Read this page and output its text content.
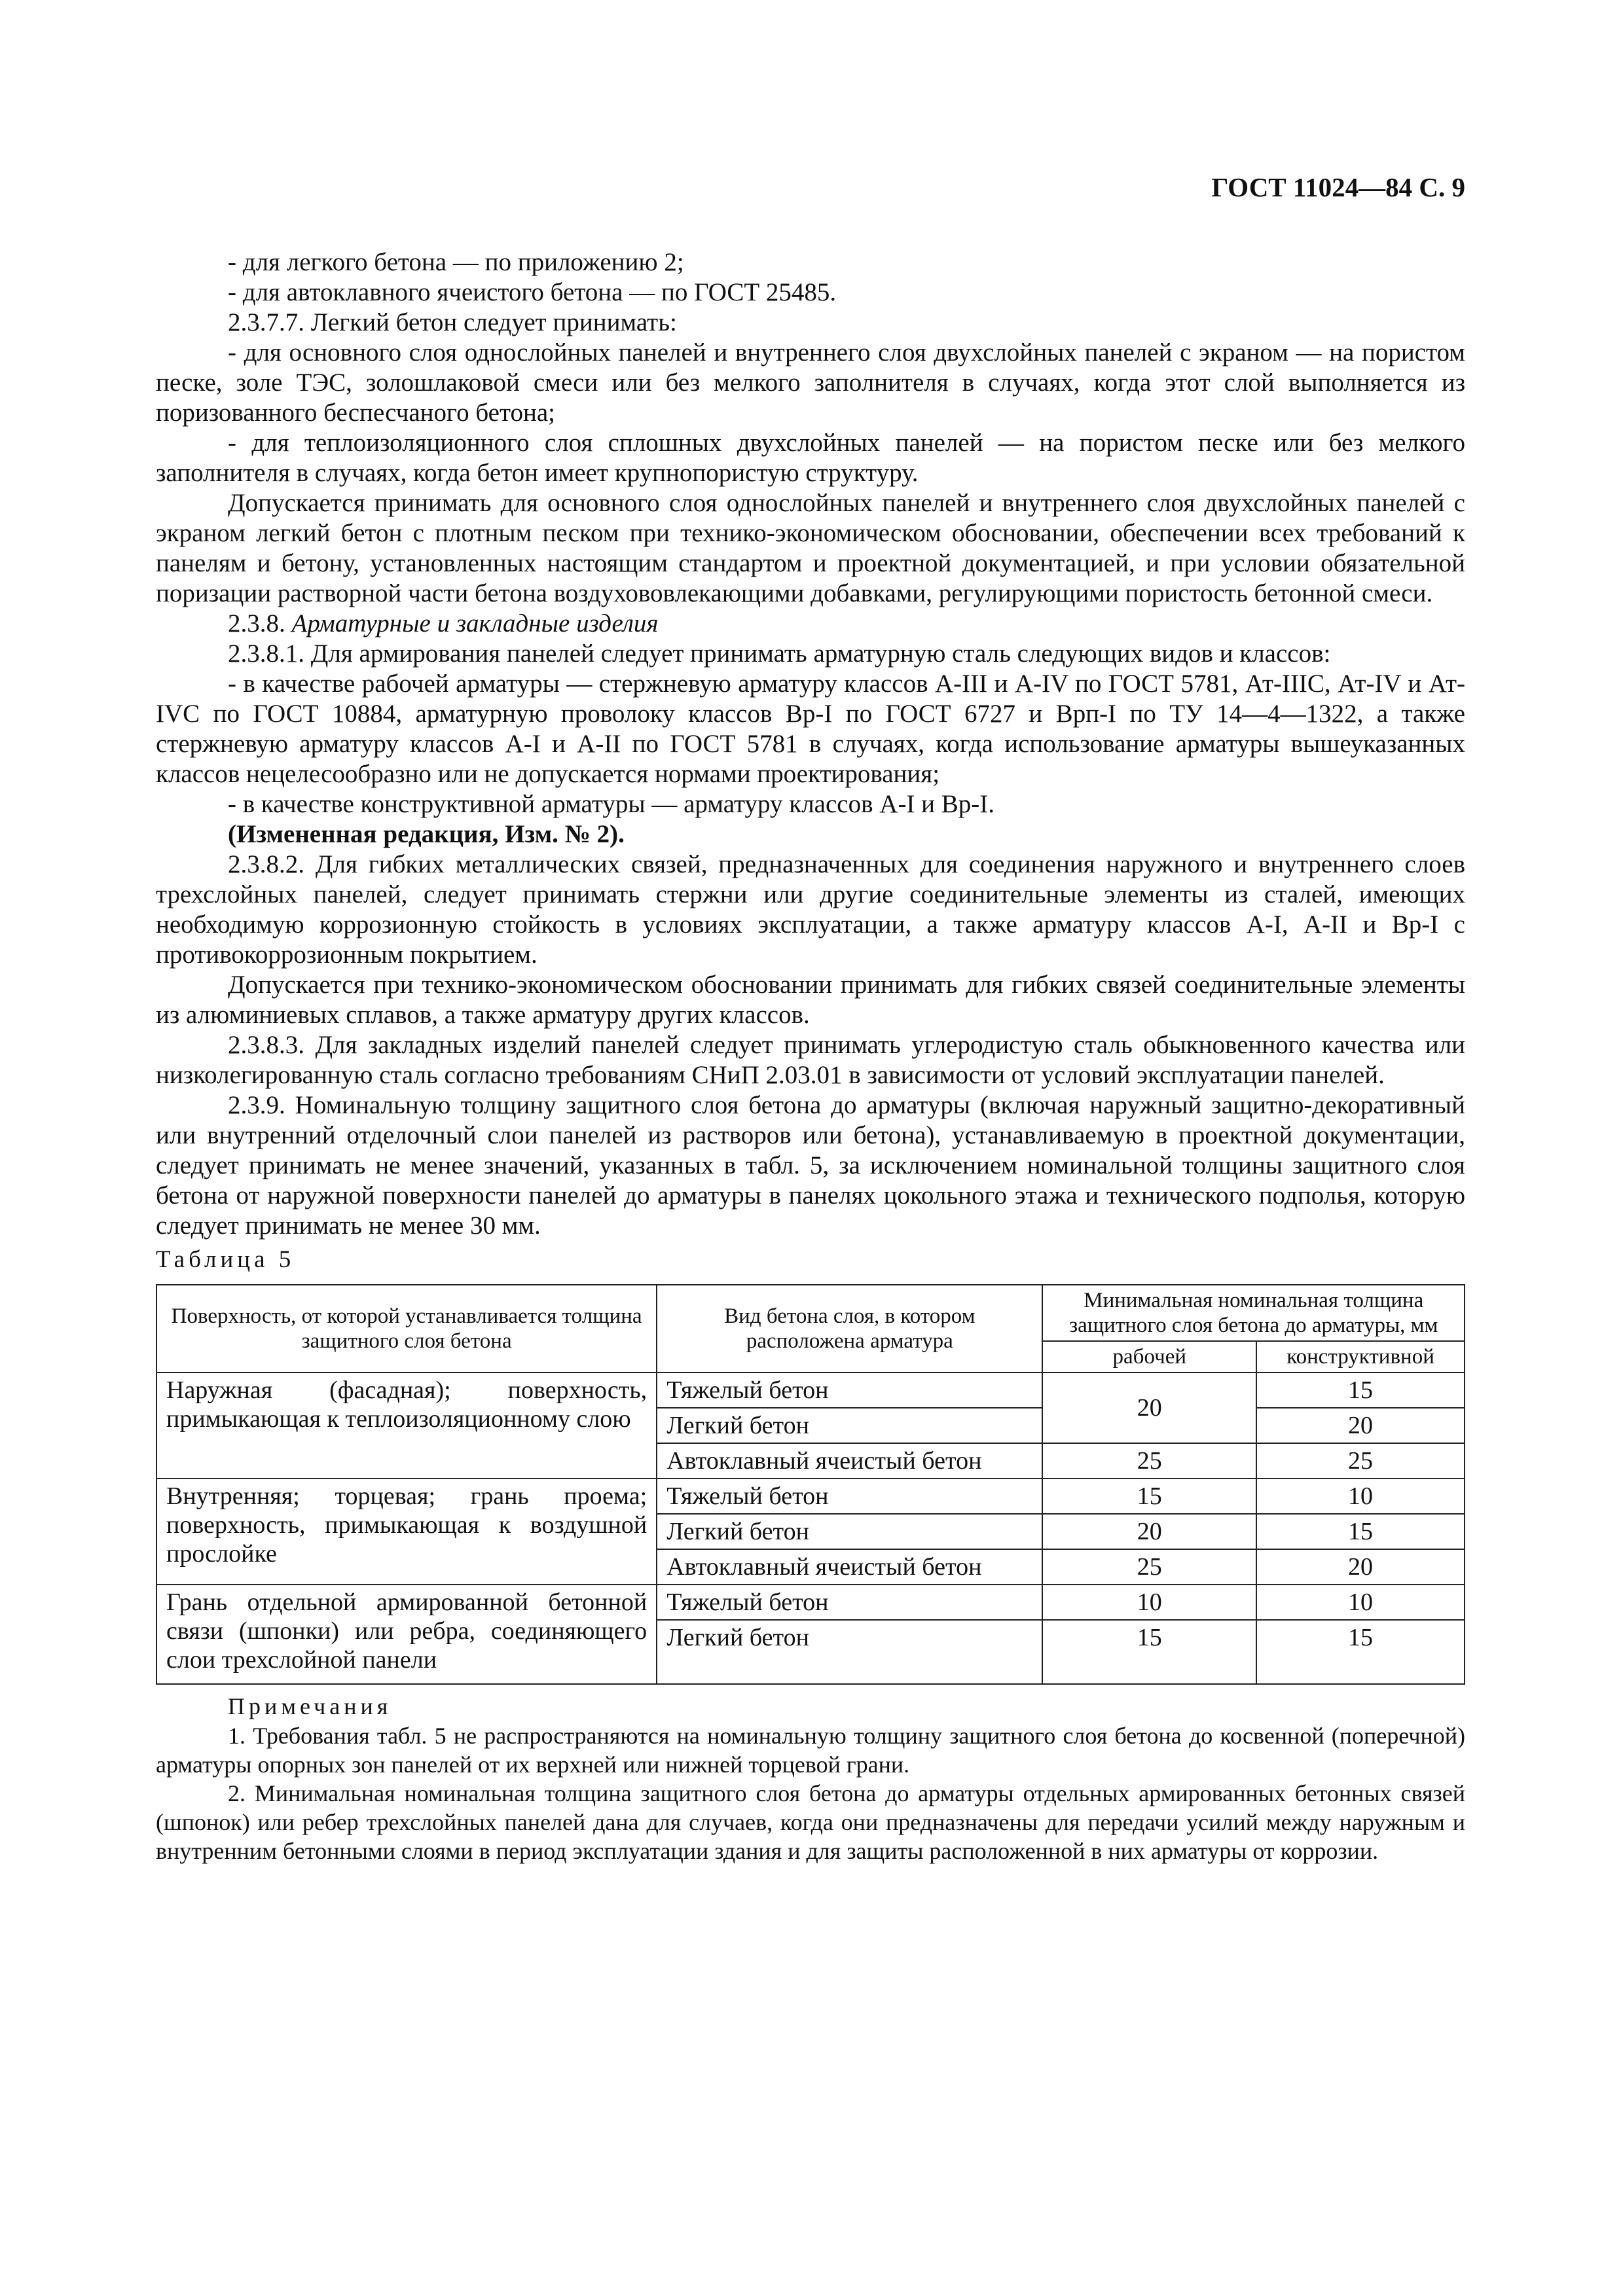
ГОСТ 11024—84 С. 9

- для легкого бетона — по приложению 2;

- для автоклавного ячеистого бетона — по ГОСТ 25485.

2.3.7.7. Легкий бетон следует принимать:

- для основного слоя однослойных панелей и внутреннего слоя двухслойных панелей с экраном — на пористом песке, золе ТЭС, золошлаковой смеси или без мелкого заполнителя в случаях, когда этот слой выполняется из поризованного беспесчаного бетона;

- для теплоизоляционного слоя сплошных двухслойных панелей — на пористом песке или без мелкого заполнителя в случаях, когда бетон имеет крупнопористую структуру.

Допускается принимать для основного слоя однослойных панелей и внутреннего слоя двухслойных панелей с экраном легкий бетон с плотным песком при технико-экономическом обосновании, обеспечении всех требований к панелям и бетону, установленных настоящим стандартом и проектной документацией, и при условии обязательной поризации растворной части бетона воздухововлекающими добавками, регулирующими пористость бетонной смеси.

2.3.8. Арматурные и закладные изделия

2.3.8.1. Для армирования панелей следует принимать арматурную сталь следующих видов и классов:

- в качестве рабочей арматуры — стержневую арматуру классов А-III и А-IV по ГОСТ 5781, Ат-IIIC, Ат-IV и Ат-IVC по ГОСТ 10884, арматурную проволоку классов Вр-I по ГОСТ 6727 и Врп-I по ТУ 14—4—1322, а также стержневую арматуру классов А-I и А-II по ГОСТ 5781 в случаях, когда использование арматуры вышеуказанных классов нецелесообразно или не допускается нормами проектирования;

- в качестве конструктивной арматуры — арматуру классов А-I и Вр-I.

(Измененная редакция, Изм. № 2).

2.3.8.2. Для гибких металлических связей, предназначенных для соединения наружного и внутреннего слоев трехслойных панелей, следует принимать стержни или другие соединительные элементы из сталей, имеющих необходимую коррозионную стойкость в условиях эксплуатации, а также арматуру классов А-I, А-II и Вр-I с противокоррозионным покрытием.

Допускается при технико-экономическом обосновании принимать для гибких связей соединительные элементы из алюминиевых сплавов, а также арматуру других классов.

2.3.8.3. Для закладных изделий панелей следует принимать углеродистую сталь обыкновенного качества или низколегированную сталь согласно требованиям СНиП 2.03.01 в зависимости от условий эксплуатации панелей.

2.3.9. Номинальную толщину защитного слоя бетона до арматуры (включая наружный защитно-декоративный или внутренний отделочный слои панелей из растворов или бетона), устанавливаемую в проектной документации, следует принимать не менее значений, указанных в табл. 5, за исключением номинальной толщины защитного слоя бетона от наружной поверхности панелей до арматуры в панелях цокольного этажа и технического подполья, которую следует принимать не менее 30 мм.

Таблица 5

Поверхность, от которой устанавливается толщина защитного слоя бетона	Вид бетона слоя, в котором расположена арматура	Минимальная номинальная толщина защитного слоя бетона до арматуры, мм	
		рабочей	конструктивной
Наружная (фасадная); поверхность, примыкающая к теплоизоляционному слою	Тяжелый бетон	20	15
	Легкий бетон		20
	Автоклавный ячеистый бетон	25	25
Внутренняя; торцевая; грань проема; поверхность, примыкающая к воздушной прослойке	Тяжелый бетон	15	10
	Легкий бетон	20	15
	Автоклавный ячеистый бетон	25	20
Грань отдельной армированной бетонной связи (шпонки) или ребра, соединяющего слои трехслойной панели	Тяжелый бетон	10	10
	Легкий бетон	15	15

Примечания

1. Требования табл. 5 не распространяются на номинальную толщину защитного слоя бетона до косвенной (поперечной) арматуры опорных зон панелей от их верхней или нижней торцевой грани.

2. Минимальная номинальная толщина защитного слоя бетона до арматуры отдельных армированных бетонных связей (шпонок) или ребер трехслойных панелей дана для случаев, когда они предназначены для передачи усилий между наружным и внутренним бетонными слоями в период эксплуатации здания и для защиты расположенной в них арматуры от коррозии.
